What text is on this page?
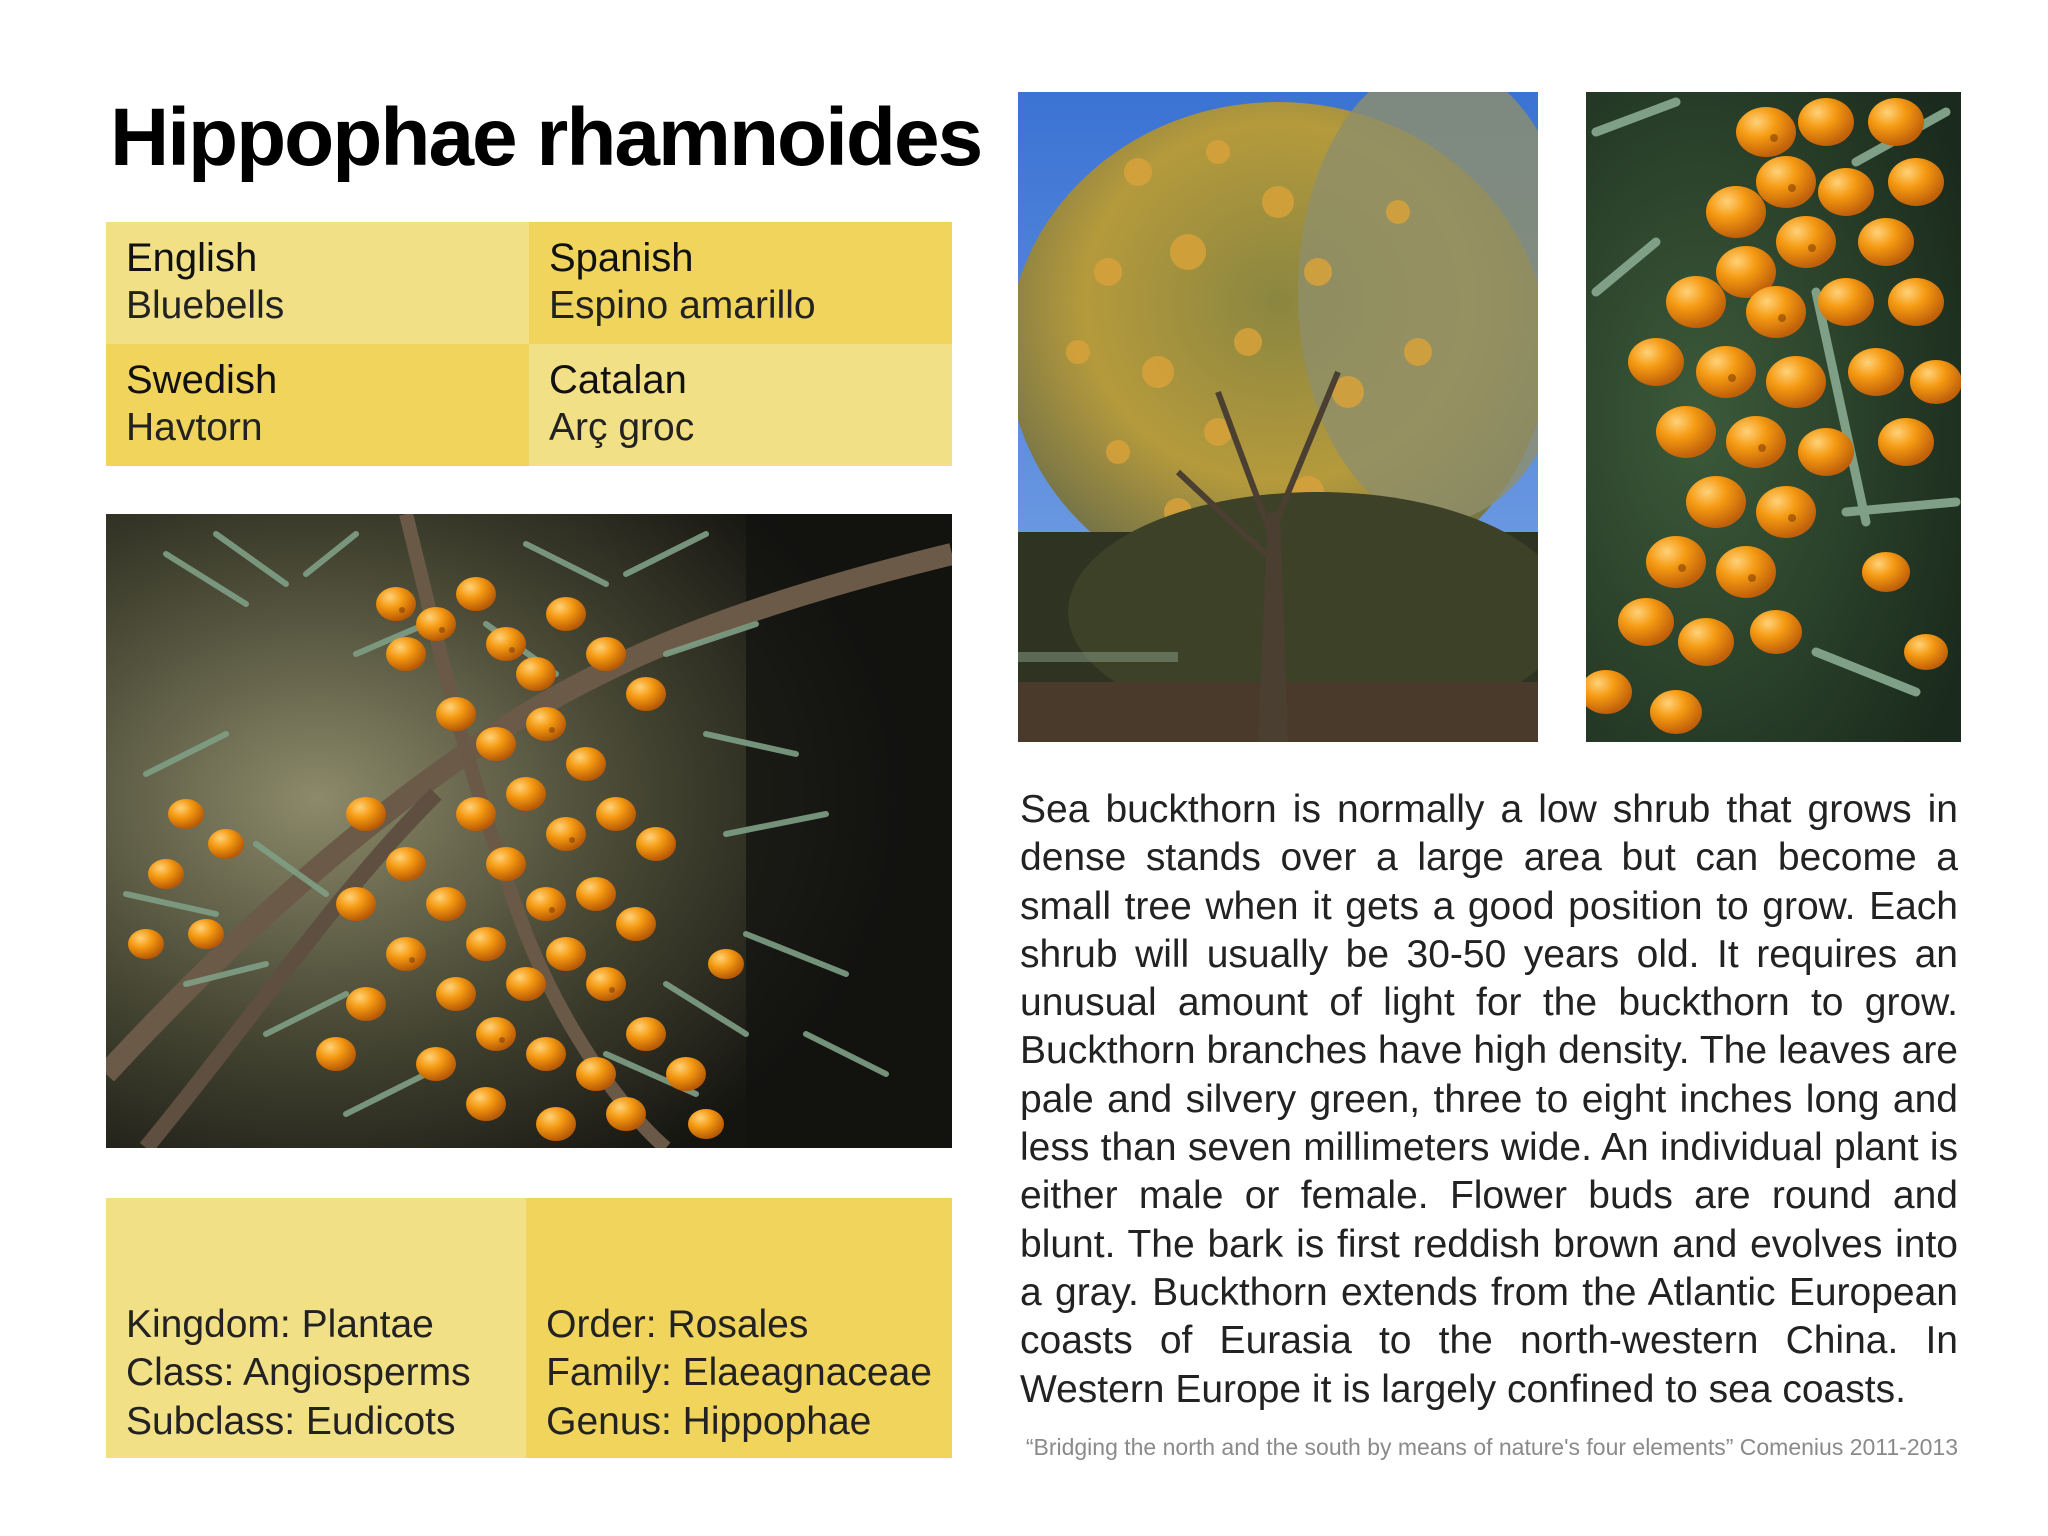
Hippophae rhamnoides
English
Bluebells
Spanish
Espino amarillo
Swedish
Havtorn
Catalan
Arç groc
Kingdom: Plantae
Class: Angiosperms
Subclass: Eudicots
Order: Rosales
Family: Elaeagnaceae
Genus: Hippophae

Sea buckthorn is normally a low shrub that grows in dense stands over a large area but can become a small tree when it gets a good position to grow. Each shrub will usually be 30-50 years old. It requires an unusual amount of light for the buckthorn to grow. Buckthorn branches have high density. The leaves are pale and silvery green, three to eight inches long and less than seven millimeters wide. An individual plant is either male or female. Flower buds are round and blunt. The bark is first reddish brown and evolves into a gray. Buckthorn extends from the Atlantic European coasts of Eurasia to the north-western China. In Western Europe it is largely confined to sea coasts.

“Bridging the north and the south by means of nature's four elements” Comenius 2011-2013
